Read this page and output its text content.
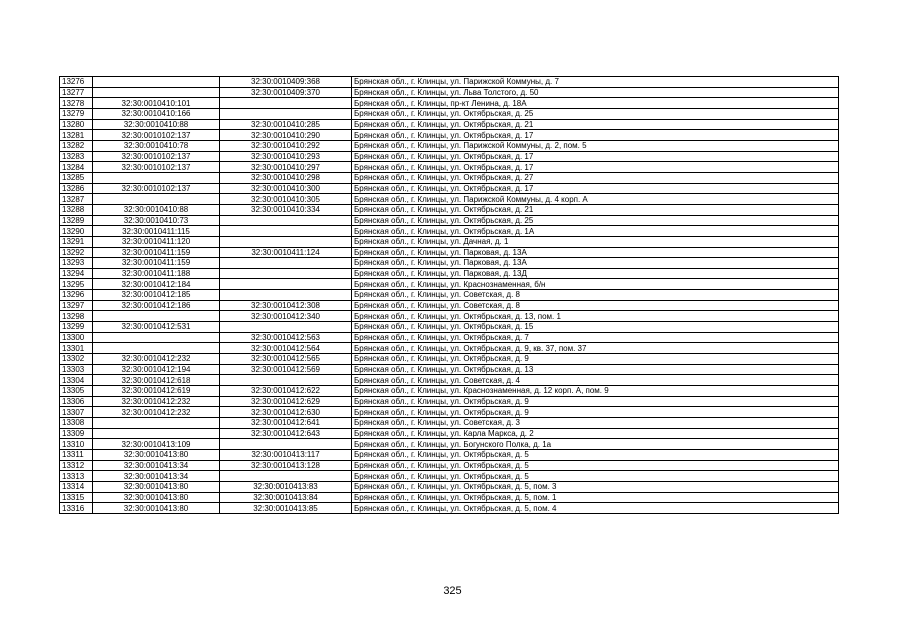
13276		32:30:0010409:368	Брянская обл., г. Клинцы, ул. Парижской Коммуны, д. 7
13277		32:30:0010409:370	Брянская обл., г. Клинцы, ул. Льва Толстого, д. 50
13278	32:30:0010410:101		Брянская обл., г. Клинцы, пр-кт Ленина, д. 18А
13279	32:30:0010410:166		Брянская обл., г. Клинцы, ул. Октябрьская, д. 25
13280	32:30:0010410:88	32:30:0010410:285	Брянская обл., г. Клинцы, ул. Октябрьская, д. 21
13281	32:30:0010102:137	32:30:0010410:290	Брянская обл., г. Клинцы, ул. Октябрьская, д. 17
13282	32:30:0010410:78	32:30:0010410:292	Брянская обл., г. Клинцы, ул. Парижской Коммуны, д. 2, пом. 5
13283	32:30:0010102:137	32:30:0010410:293	Брянская обл., г. Клинцы, ул. Октябрьская, д. 17
13284	32:30:0010102:137	32:30:0010410:297	Брянская обл., г. Клинцы, ул. Октябрьская, д. 17
13285		32:30:0010410:298	Брянская обл., г. Клинцы, ул. Октябрьская, д. 27
13286	32:30:0010102:137	32:30:0010410:300	Брянская обл., г. Клинцы, ул. Октябрьская, д. 17
13287		32:30:0010410:305	Брянская обл., г. Клинцы, ул. Парижской Коммуны, д. 4 корп. А
13288	32:30:0010410:88	32:30:0010410:334	Брянская обл., г. Клинцы, ул. Октябрьская, д. 21
13289	32:30:0010410:73		Брянская обл., г. Клинцы, ул. Октябрьская, д. 25
13290	32:30:0010411:115		Брянская обл., г. Клинцы, ул. Октябрьская, д. 1А
13291	32:30:0010411:120		Брянская обл., г. Клинцы, ул. Дачная, д. 1
13292	32:30:0010411:159	32:30:0010411:124	Брянская обл., г. Клинцы, ул. Парковая, д. 13А
13293	32:30:0010411:159		Брянская обл., г. Клинцы, ул. Парковая, д. 13А
13294	32:30:0010411:188		Брянская обл., г. Клинцы, ул. Парковая, д. 13Д
13295	32:30:0010412:184		Брянская обл., г. Клинцы, ул. Краснознаменная, б/н
13296	32:30:0010412:185		Брянская обл., г. Клинцы, ул. Советская, д. 8
13297	32:30:0010412:186	32:30:0010412:308	Брянская обл., г. Клинцы, ул. Советская, д. 8
13298		32:30:0010412:340	Брянская обл., г. Клинцы, ул. Октябрьская, д. 13, пом. 1
13299	32:30:0010412:531		Брянская обл., г. Клинцы, ул. Октябрьская, д. 15
13300		32:30:0010412:563	Брянская обл., г. Клинцы, ул. Октябрьская, д. 7
13301		32:30:0010412:564	Брянская обл., г. Клинцы, ул. Октябрьская, д. 9, кв. 37, пом. 37
13302	32:30:0010412:232	32:30:0010412:565	Брянская обл., г. Клинцы, ул. Октябрьская, д. 9
13303	32:30:0010412:194	32:30:0010412:569	Брянская обл., г. Клинцы, ул. Октябрьская, д. 13
13304	32:30:0010412:618		Брянская обл., г. Клинцы, ул. Советская, д. 4
13305	32:30:0010412:619	32:30:0010412:622	Брянская обл., г. Клинцы, ул. Краснознаменная, д. 12 корп. А, пом. 9
13306	32:30:0010412:232	32:30:0010412:629	Брянская обл., г. Клинцы, ул. Октябрьская, д. 9
13307	32:30:0010412:232	32:30:0010412:630	Брянская обл., г. Клинцы, ул. Октябрьская, д. 9
13308		32:30:0010412:641	Брянская обл., г. Клинцы, ул. Советская, д. 3
13309		32:30:0010412:643	Брянская обл., г. Клинцы, ул. Карла Маркса, д. 2
13310	32:30:0010413:109		Брянская обл., г. Клинцы, ул. Богунского Полка, д. 1а
13311	32:30:0010413:80	32:30:0010413:117	Брянская обл., г. Клинцы, ул. Октябрьская, д. 5
13312	32:30:0010413:34	32:30:0010413:128	Брянская обл., г. Клинцы, ул. Октябрьская, д. 5
13313	32:30:0010413:34		Брянская обл., г. Клинцы, ул. Октябрьская, д. 5
13314	32:30:0010413:80	32:30:0010413:83	Брянская обл., г. Клинцы, ул. Октябрьская, д. 5, пом. 3
13315	32:30:0010413:80	32:30:0010413:84	Брянская обл., г. Клинцы, ул. Октябрьская, д. 5, пом. 1
13316	32:30:0010413:80	32:30:0010413:85	Брянская обл., г. Клинцы, ул. Октябрьская, д. 5, пом. 4
325
